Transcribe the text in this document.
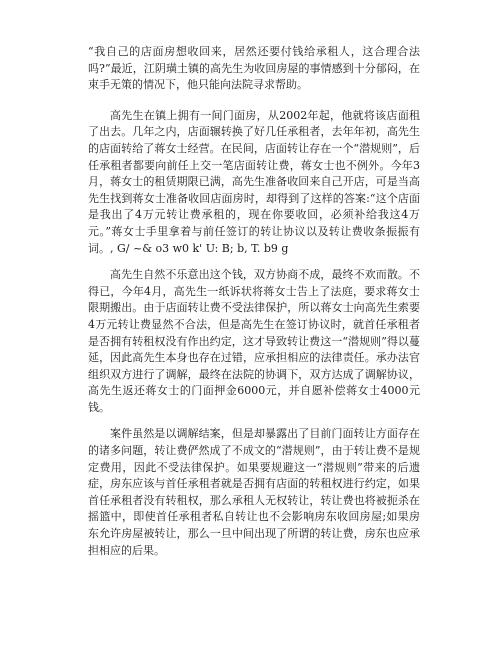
“我自己的店面房想收回来，居然还要付钱给承租人，这合理合法吗?”最近，江阴璜土镇的高先生为收回房屋的事情感到十分郁闷，在束手无策的情况下，他只能向法院寻求帮助。

高先生在镇上拥有一间门面房，从2002年起，他就将该店面租了出去。几年之内，店面辗转换了好几任承租者，去年年初，高先生的店面转给了蒋女士经营。在民间，店面转让存在一个“潜规则”，后任承租者都要向前任上交一笔店面转让费，蒋女士也不例外。今年3月，蒋女士的租赁期限已满，高先生准备收回来自己开店，可是当高先生找到蒋女士准备收回店面房时，却得到了这样的答案:“这个店面是我出了4万元转让费承租的，现在你要收回，必须补给我这4万元。”蒋女士手里拿着与前任签订的转让协议以及转让费收条振振有词。, G/ ~& o3 w0 k' U: B; b, T. b9 g

高先生自然不乐意出这个钱，双方协商不成，最终不欢而散。不得已，今年4月，高先生一纸诉状将蒋女士告上了法庭，要求蒋女士限期搬出。由于店面转让费不受法律保护，所以蒋女士向高先生索要4万元转让费显然不合法，但是高先生在签订协议时，就首任承租者是否拥有转租权没有作出约定，这才导致转让费这一“潜规则”得以蔓延，因此高先生本身也存在过错，应承担相应的法律责任。承办法官组织双方进行了调解，最终在法院的协调下，双方达成了调解协议，高先生返还蒋女士的门面押金6000元，并自愿补偿蒋女士4000元钱。

案件虽然是以调解结案，但是却暴露出了目前门面转让方面存在的诸多问题，转让费俨然成了不成文的“潜规则”，由于转让费不是规定费用，因此不受法律保护。如果要规避这一“潜规则”带来的后遗症，房东应该与首任承租者就是否拥有店面的转租权进行约定，如果首任承租者没有转租权，那么承租人无权转让，转让费也将被扼杀在摇篮中，即使首任承租者私自转让也不会影响房东收回房屋;如果房东允许房屋被转让，那么一旦中间出现了所谓的转让费，房东也应承担相应的后果。
